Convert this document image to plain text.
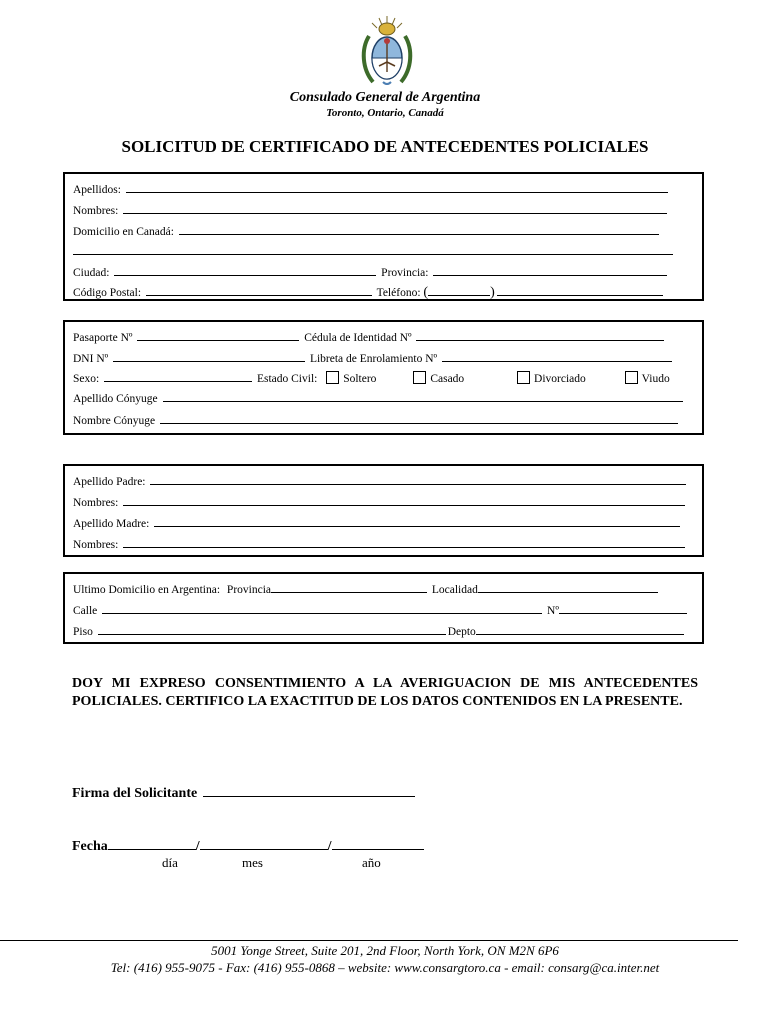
Consulado General de Argentina
Toronto, Ontario, Canadá
SOLICITUD DE CERTIFICADO DE ANTECEDENTES POLICIALES
Apellidos:
Nombres:
Domicilio en Canadá:
Ciudad:	Provincia:
Código Postal:	Teléfono: (	)
Pasaporte Nº	Cédula de Identidad Nº
DNI Nº	Libreta de Enrolamiento Nº
Sexo:	Estado Civil: Soltero	Casado	Divorciado	Viudo
Apellido Cónyuge
Nombre Cónyuge
Apellido Padre:
Nombres:
Apellido Madre:
Nombres:
Ultimo Domicilio en Argentina: Provincia	Localidad
Calle	Nº
Piso	Depto
DOY MI EXPRESO CONSENTIMIENTO A LA AVERIGUACION DE MIS ANTECEDENTES POLICIALES. CERTIFICO LA EXACTITUD DE LOS DATOS CONTENIDOS EN LA PRESENTE.
Firma del Solicitante
Fecha	/	/
día	mes	año
5001 Yonge Street, Suite 201, 2nd Floor, North York, ON M2N 6P6
Tel: (416) 955-9075 - Fax: (416) 955-0868 – website: www.consargtoro.ca - email: consarg@ca.inter.net
